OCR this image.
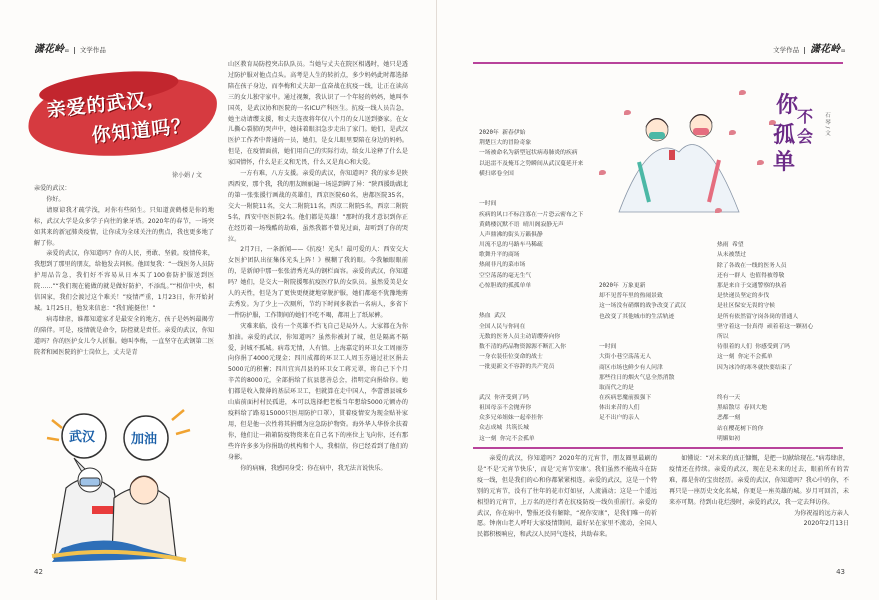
潇花岭Ⅲ 文学作品
亲爱的武汉，
你知道吗？
徐小娟 / 文

亲爱的武汉：

你好。

请原谅我才疏学浅，对你有些陌生。只知道黄鹤楼是你的地标，武汉大学是众多学子向往的象牙塔。2020年的春节，一场突如其来的新冠肺炎疫情，让你成为全球关注的焦点，我也更多地了解了你。

亲爱的武汉，你知道吗？你的人民，勇敢、坚毅。疫情传来，我想到了那里的朋友，给他发去问候。他回复我：“一线医务人员防护用品告急，我们好不容易从日本买了100套防护服送到医院……”“我们现在能做的就是做好防护，不添乱。”“相信中央，相信国家，我们会渡过这个难关！”疫情严重，1月23日，你开始封城。1月25日，他发来信息：“我们能挺住！”

病毒肆虐，谁都知道家才是最安全的地方，孩子是妈妈最揭劳的陪伴。可是，疫情就是命令，防控就是责任。亲爱的武汉，你知道吗？你的医护女儿令人折服。她叫李梅，一直坚守在武钢第二医院者和园医院的护士岗位上，丈夫是青

武汉	加油

山区教育局防控突击队队员。当她与丈夫在院区相遇时，她只是透过防护服对他点点头。高考是人生的转折点，多少妈妈此时都选择陪在孩子身边，而李梅和丈夫却一直奋战在抗疫一线，让正在读高三的女儿独守家中。通过视频，我认识了一个年轻的妈妈，她叫李国英，是武汉协和医院的一名ICU产科医生。抗疫一线人员告急，她主动请缨支援，和丈夫连夜将年仅八个月的女儿送到婆家。在女儿撕心裂肺的哭声中，她抹着眼泪急步走出了家门。她们，是武汉医护工作者中普通的一员，她们，是女儿眼里要陪在身边的妈妈。但是，在疫情面前，她们用自己的实际行动，给女儿诠释了什么是家国情怀，什么是正义和无畏，什么又是真心和大爱。

一方有难，八方支援。亲爱的武汉，你知道吗？我的家乡是陕西西安，那个我，我的朋友顾丽遍一场巡到碑了异：“陕西援助湖北的第一张张援行画战的英雄们，西京医院60名，唐都医院35名，交大一附院11名，交大二附院11名，西京二附院5名，西京二附院5名，西安中医医院2名。他们都是英雄！”那时的我才意识到你正在经历着一场残酷的劫难，虽然我都不曾见过面，却听到了你的哭泣。

2月7日，一条新闻——《抗疫！光头！最可爱的人：西安交大女医护团队出征集体光头上阵！》模糊了我的眼。今我触眼眼前的，是新闻中那一张张清秀光头的钢栏面容。亲爱的武汉，你知道吗？她们，是交大一附院援鄂抗疫医疗队的女队员。虽然爱美是女人的天性，但是为了更快更便捷地穿脱护服，她们都毫不犹豫地剪去秀发。为了少上一次厕所，节约下时间多救治一名病人，多省下一件防护服，工作期间的她们不吃不喝，都用上了纸尿裤。

灾难来临，没有一个英雄不挡飞自己是局外人。大家都在为你加油。亲爱的武汉，你知道吗？虽然你被封了城，但是隔离不隔爱，封城不孤城。病毒无情，人有情。上海嘉定的环卫女工周丽芬向你捐了4000元现金；四川成都的环卫工人周玉芬通过社区捐去5000元的积蓄；四川宜宾昌县的环卫女工蒋元翠，将自己下个月辛苦的8000元，全部捐给了抗县慈善总会，指明定向捐给你。她们都是收入微薄的基层环卫工，但就算在走中国人，李蕾漂县城乡山庙前面村村民孤进，本可以选择把老板当年想给5000元额办的疫料给了路易15000只医用防护口罩），贯着疫情安为现金贴补家用，但是他一次性将其捐赠为应急防护物资。海外华人华侨余扶着你，他们让一箱箱防疫物资来在自己名下的座位上飞向你，还有那些许许多多为你捐助的机构和个人，我相信，你已经看到了他们的身影。

你的病痛，我感同身受；你在病中，我无法言说快乐。

42
文学作品 潇花岭Ⅲ
你
不
孤 会
单
石 琴 / 文
2020年 新春伊始
荆楚巨大的冒险奇象
一场被命名为新型冠状病毒肺炎的疾病
以迅雷不及掩耳之势瞬间从武汉蔓延开来
横扫席卷全国
一时间
疾病的风口不标注寡在一片恐云密布之下
黄鹤楼沉默不语 晴川阁寂静无声
人声鼎沸的街头万籁俱静
川流不息的马路车马稀疏
歌舞升平的商场
热闹非凡的菜市场
空空荡荡的毫无生气
心惊胆战的孤孤单单
热血 武汉
全国人民与你同在
无数的医务人员主动请缨奔向你
数不清的药品物资源源不断汇入你
一身衣装佳位变命的战士
一批更新文不容辞的共产党员
武汉 你齐受到了吗
祖国母亲不会抛弃你
众多兄弟姐妹一起牵挂你
众志成城 共筑长城
这一刻 你完不会孤单
2020年 万象更新
却不见普年里的热闹景致
这一场没有硝烟的战争改变了武汉
也改变了其他城市的生活轨迹
一时间
大街小巷空荡荡无人
商区市场也鲜少有人问津
那些往日的烟火气息全然消散
取而代之的是
在疾病恶魔前拔强下
体出来昔的人们
足不出户的亲人
热雨 希望
从未被禁过
除了各战在一线的医务人员
还有一群人 也值得被尊敬
那是来自于交通警察的执着
是快递员坚定的步伐
是社区保安无畏的守候
是所有依然留守岗各岗的普通人
坚守着这一份真得 顽着着这一颗初心
所以
待很着的人们 你感受到了吗
这一刻 你定不会孤单
因为冰冷的寒冬就快要结束了
终有一天
黑暗散尽 春回大地
恶都一刻
站在樱花树下的你
明媚如初

亲爱的武汉，你知道吗？2020年的元宵节，朋友圈里最刷的是“不是‘元宵节快乐’，而是‘元宵节安康’。我们虽然不能战斗在防疫一线，但是我们的心和你都紧紧相连。亲爱的武汉，这是一个特别的元宵节，没有了往年的花市灯如昼，人流涌动；这是一个遥远相望的元宵节，上万名的逆行者在抗疫防疫一线负重前行。亲爱的武汉，你在病中，警报还没有解除，“祝你安康”，是我们唯一的祈愿。钟南山老人呼吁大家疫情期间，最好呆在家里不流动，全国人民都积极响应，和武汉人民同气连枝，共助春来。

如懂说：“对未来的真正慷慨，是把一切献给现在。”病毒肆虐，疫情还在持续。亲爱的武汉，现在是未来的过去，眼前所有的苦难，都是你的宝贵经历。亲爱的武汉，你知道吗？我心中的你，不再只是一座历史文化名城，你更是一座英雄的城。岁月可回首，未来亦可期。待到山花烂漫时，亲爱的武汉，我一定去拜访你。

为你祝福的远方亲人

2020年2月13日

43
